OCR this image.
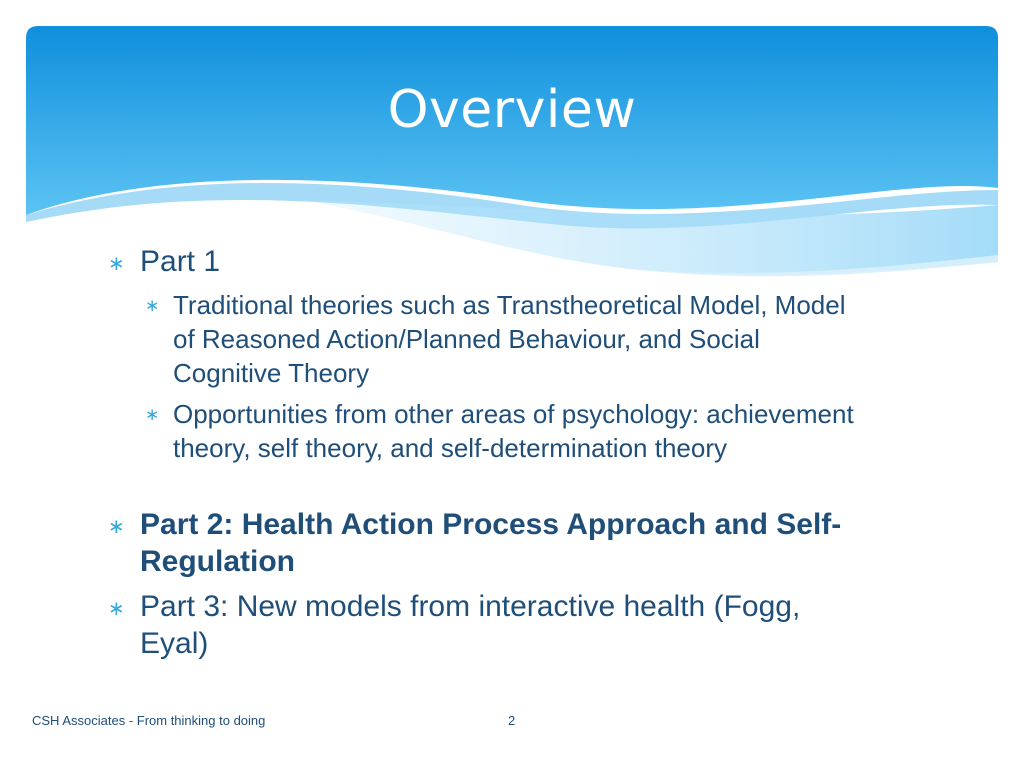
Overview
∗ Part 1
∗ Traditional theories such as Transtheoretical Model, Model of Reasoned Action/Planned Behaviour, and Social Cognitive Theory
∗ Opportunities from other areas of psychology: achievement theory, self theory, and self-determination theory
∗ Part 2: Health Action Process Approach and Self-Regulation
∗ Part 3: New models from interactive health (Fogg, Eyal)
CSH Associates - From thinking to doing	2
